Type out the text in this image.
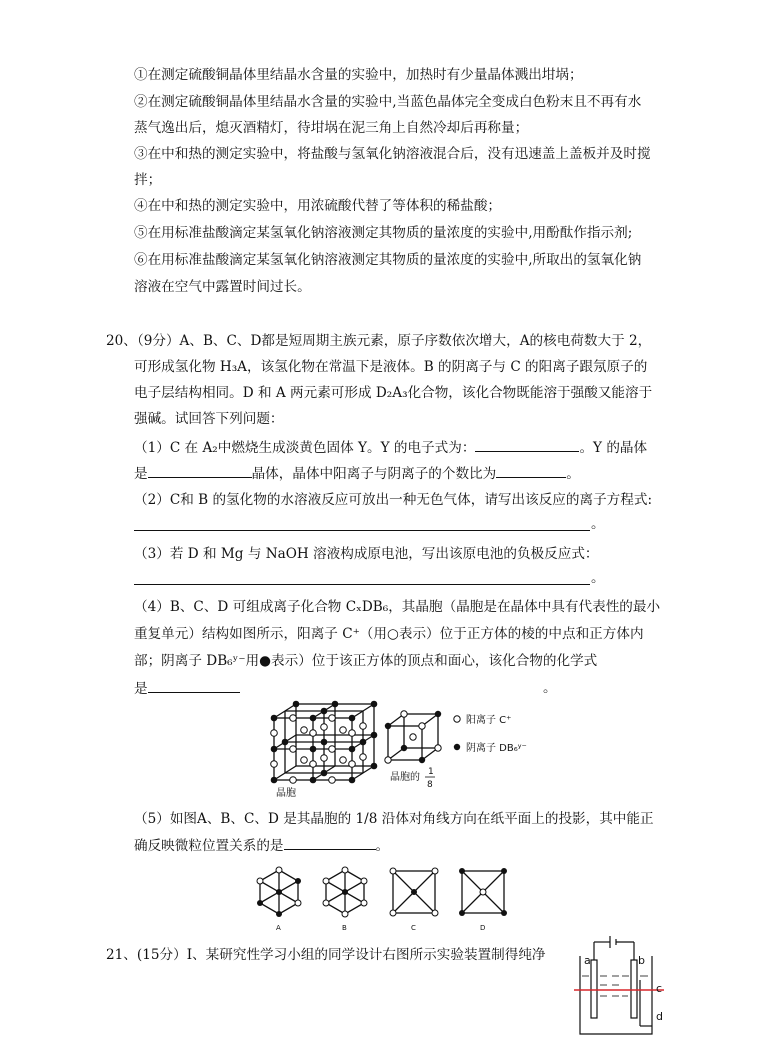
①在测定硫酸铜晶体里结晶水含量的实验中，加热时有少量晶体溅出坩埚；
②在测定硫酸铜晶体里结晶水含量的实验中,当蓝色晶体完全变成白色粉末且不再有水
蒸气逸出后，熄灭酒精灯，待坩埚在泥三角上自然冷却后再称量；
③在中和热的测定实验中，将盐酸与氢氧化钠溶液混合后，没有迅速盖上盖板并及时搅
拌；
④在中和热的测定实验中，用浓硫酸代替了等体积的稀盐酸；
⑤在用标准盐酸滴定某氢氧化钠溶液测定其物质的量浓度的实验中,用酚酞作指示剂;
⑥在用标准盐酸滴定某氢氧化钠溶液测定其物质的量浓度的实验中,所取出的氢氧化钠
溶液在空气中露置时间过长。
20、（9分）A、B、C、D都是短周期主族元素，原子序数依次增大，A的核电荷数大于 2，
可形成氢化物 H₃A，该氢化物在常温下是液体。B 的阴离子与 C 的阳离子跟氖原子的
电子层结构相同。D 和 A 两元素可形成 D₂A₃化合物，该化合物既能溶于强酸又能溶于
强碱。试回答下列问题：
（1）C 在 A₂中燃烧生成淡黄色固体 Y。Y 的电子式为：	。Y 的晶体
是	晶体，晶体中阳离子与阴离子的个数比为	。
（2）C和 B 的氢化物的水溶液反应可放出一种无色气体，请写出该反应的离子方程式:
。
（3）若 D 和 Mg 与 NaOH 溶液构成原电池，写出该原电池的负极反应式：
。
（4）B、C、D 可组成离子化合物 CₓDB₆，其晶胞（晶胞是在晶体中具有代表性的最小
重复单元）结构如图所示，阳离子 C⁺（用○表示）位于正方体的棱的中点和正方体内
部；阴离子 DB₆ʸ⁻用●表示）位于该正方体的顶点和面心，该化合物的化学式
是	。
晶胞
晶胞的 1
8
阳离子 C⁺
阴离子 DB₆ʸ⁻
（5）如图A、B、C、D 是其晶胞的 1/8 沿体对角线方向在纸平面上的投影，其中能正
确反映微粒位置关系的是	。
A	B	C	D
21、(15分）Ⅰ、某研究性学习小组的同学设计右图所示实验装置制得纯净	a	b
c
d
